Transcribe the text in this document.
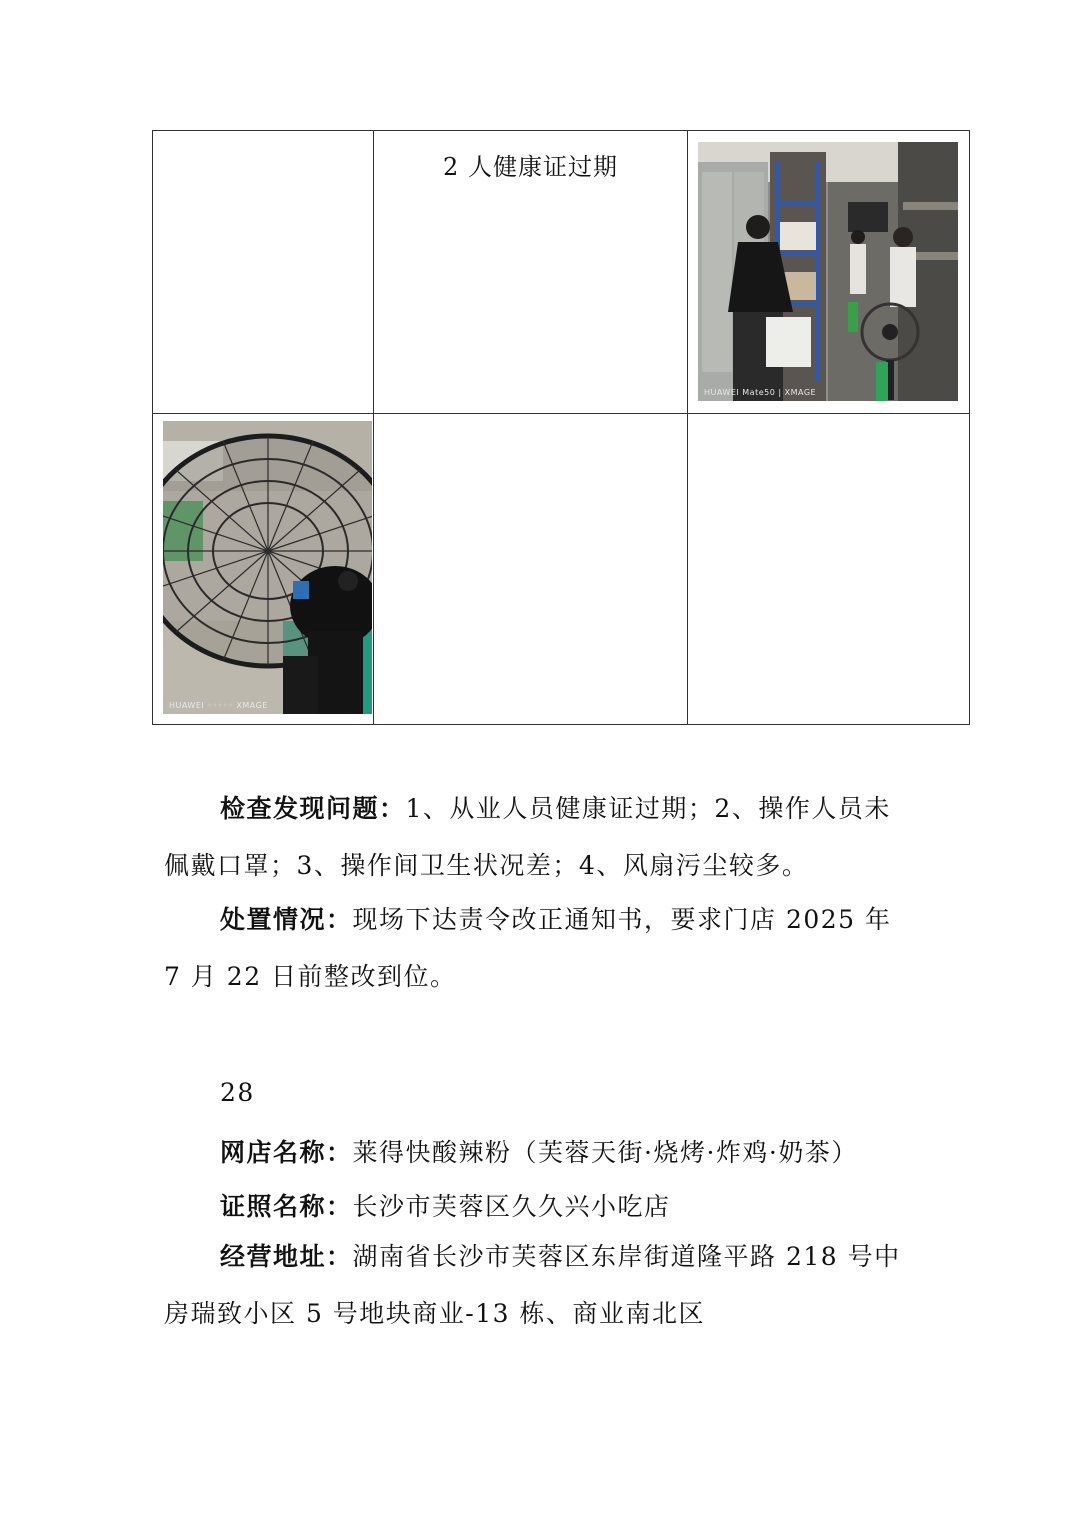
	2 人健康证过期	HUAWEI Mate50 | XMAGE

HUAWEI ◦◦◦◦◦ XMAGE		

检查发现问题：1、从业人员健康证过期；2、操作人员未佩戴口罩；3、操作间卫生状况差；4、风扇污尘较多。
处置情况：现场下达责令改正通知书，要求门店 2025 年 7 月 22 日前整改到位。
28
网店名称：莱得快酸辣粉（芙蓉天街·烧烤·炸鸡·奶茶）
证照名称：长沙市芙蓉区久久兴小吃店
经营地址：湖南省长沙市芙蓉区东岸街道隆平路 218 号中房瑞致小区 5 号地块商业-13 栋、商业南北区
